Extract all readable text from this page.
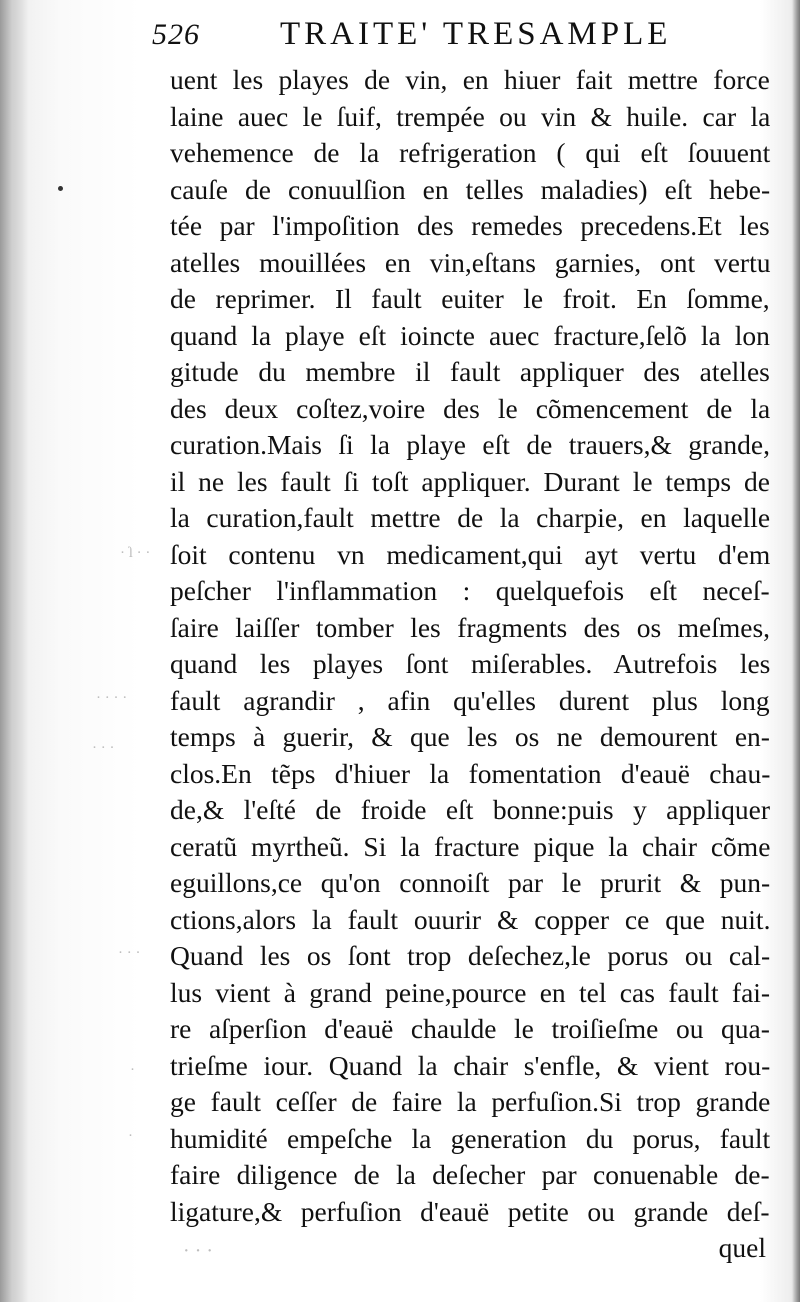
526 TRAITE' TRESAMPLE
· · ſ ·
· · · ·
· · ·
· · ·
·
·
· · ·
uent les playes de vin, en hiuer fait mettre force
laine auec le ſuif, trempée ou vin & huile. car la
vehemence de la refrigeration ( qui eſt ſouuent
cauſe de conuulſion en telles maladies) eſt hebe-
tée par l'impoſition des remedes precedens.Et les
atelles mouillées en vin,eſtans garnies, ont vertu
de reprimer. Il fault euiter le froit. En ſomme,
quand la playe eſt ioincte auec fracture,ſelõ la lon
gitude du membre il fault appliquer des atelles
des deux coſtez,voire des le cõmencement de la
curation.Mais ſi la playe eſt de trauers,& grande,
il ne les fault ſi toſt appliquer. Durant le temps de
la curation,fault mettre de la charpie, en laquelle
ſoit contenu vn medicament,qui ayt vertu d'em
peſcher l'inflammation : quelquefois eſt neceſ-
ſaire laiſſer tomber les fragments des os meſmes,
quand les playes ſont miſerables. Autrefois les
fault agrandir , afin qu'elles durent plus long
temps à guerir, & que les os ne demourent en-
clos.En tẽps d'hiuer la fomentation d'eauë chau-
de,& l'eſté de froide eſt bonne:puis y appliquer
ceratũ myrtheũ. Si la fracture pique la chair cõme
eguillons,ce qu'on connoiſt par le prurit & pun-
ctions,alors la fault ouurir & copper ce que nuit.
Quand les os ſont trop deſechez,le porus ou cal-
lus vient à grand peine,pource en tel cas fault fai-
re aſperſion d'eauë chaulde le troiſieſme ou qua-
trieſme iour. Quand la chair s'enfle, & vient rou-
ge fault ceſſer de faire la perfuſion.Si trop grande
humidité empeſche la generation du porus, fault
faire diligence de la deſecher par conuenable de-
ligature,& perfuſion d'eauë petite ou grande deſ-
quel
